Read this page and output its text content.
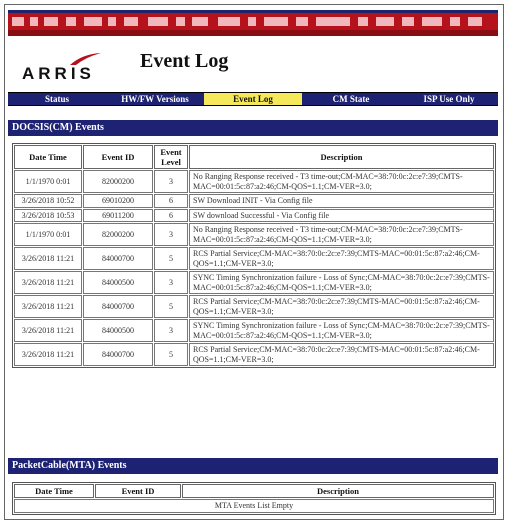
ARRIS
Event Log
Status	HW/FW Versions	Event Log	CM State	ISP Use Only
DOCSIS(CM) Events
Date Time	Event ID	Event Level	Description
1/1/1970 0:01	82000200	3	No Ranging Response received - T3 time-out;CM-MAC=38:70:0c:2c:e7:39;CMTS-MAC=00:01:5c:87:a2:46;CM-QOS=1.1;CM-VER=3.0;
3/26/2018 10:52	69010200	6	SW Download INIT - Via Config file
3/26/2018 10:53	69011200	6	SW download Successful - Via Config file
1/1/1970 0:01	82000200	3	No Ranging Response received - T3 time-out;CM-MAC=38:70:0c:2c:e7:39;CMTS-MAC=00:01:5c:87:a2:46;CM-QOS=1.1;CM-VER=3.0;
3/26/2018 11:21	84000700	5	RCS Partial Service;CM-MAC=38:70:0c:2c:e7:39;CMTS-MAC=00:01:5c:87:a2:46;CM-QOS=1.1;CM-VER=3.0;
3/26/2018 11:21	84000500	3	SYNC Timing Synchronization failure - Loss of Sync;CM-MAC=38:70:0c:2c:e7:39;CMTS-MAC=00:01:5c:87:a2:46;CM-QOS=1.1;CM-VER=3.0;
3/26/2018 11:21	84000700	5	RCS Partial Service;CM-MAC=38:70:0c:2c:e7:39;CMTS-MAC=00:01:5c:87:a2:46;CM-QOS=1.1;CM-VER=3.0;
3/26/2018 11:21	84000500	3	SYNC Timing Synchronization failure - Loss of Sync;CM-MAC=38:70:0c:2c:e7:39;CMTS-MAC=00:01:5c:87:a2:46;CM-QOS=1.1;CM-VER=3.0;
3/26/2018 11:21	84000700	5	RCS Partial Service;CM-MAC=38:70:0c:2c:e7:39;CMTS-MAC=00:01:5c:87:a2:46;CM-QOS=1.1;CM-VER=3.0;
PacketCable(MTA) Events
Date Time	Event ID	Description
MTA Events List Empty
